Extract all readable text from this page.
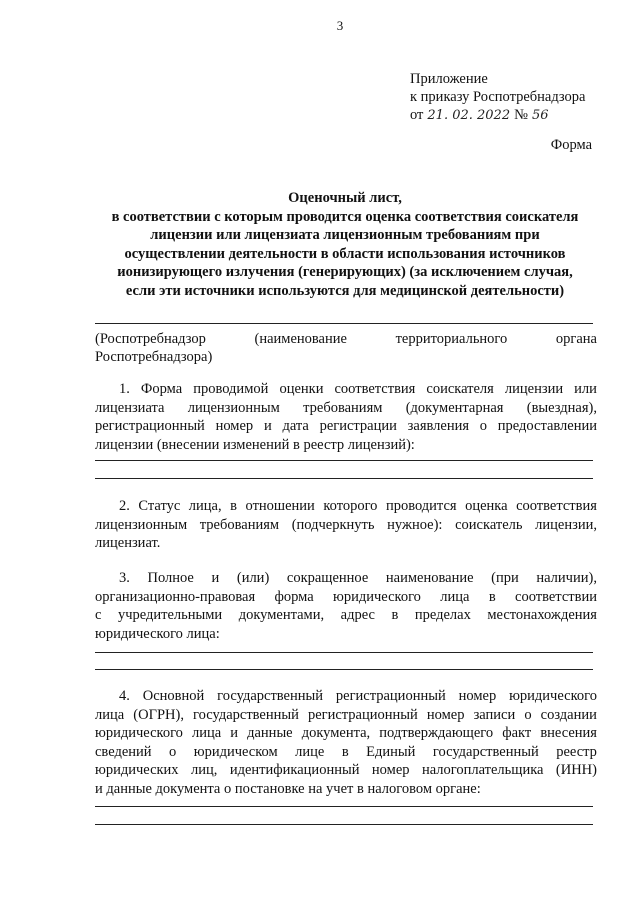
3
Приложение
к приказу Роспотребнадзора
от 21. 02. 2022 № 56
Форма
Оценочный лист,
в соответствии с которым проводится оценка соответствия соискателя
лицензии или лицензиата лицензионным требованиям при
осуществлении деятельности в области использования источников
ионизирующего излучения (генерирующих) (за исключением случая,
если эти источники используются для медицинской деятельности)
(Роспотребнадзор	(наименование	территориального	органа
Роспотребнадзора)
1. Форма проводимой оценки соответствия соискателя лицензии или
лицензиата лицензионным требованиям (документарная (выездная),
регистрационный номер и дата регистрации заявления о предоставлении
лицензии (внесении изменений в реестр лицензий):
2. Статус лица, в отношении которого проводится оценка соответствия
лицензионным требованиям (подчеркнуть нужное): соискатель лицензии,
лицензиат.
3. Полное и (или) сокращенное наименование (при наличии),
организационно-правовая форма юридического лица в соответствии
с учредительными документами, адрес в пределах местонахождения
юридического лица:
4. Основной государственный регистрационный номер юридического
лица (ОГРН), государственный регистрационный номер записи о создании
юридического лица и данные документа, подтверждающего факт внесения
сведений о юридическом лице в Единый государственный реестр
юридических лиц, идентификационный номер налогоплательщика (ИНН)
и данные документа о постановке на учет в налоговом органе:
